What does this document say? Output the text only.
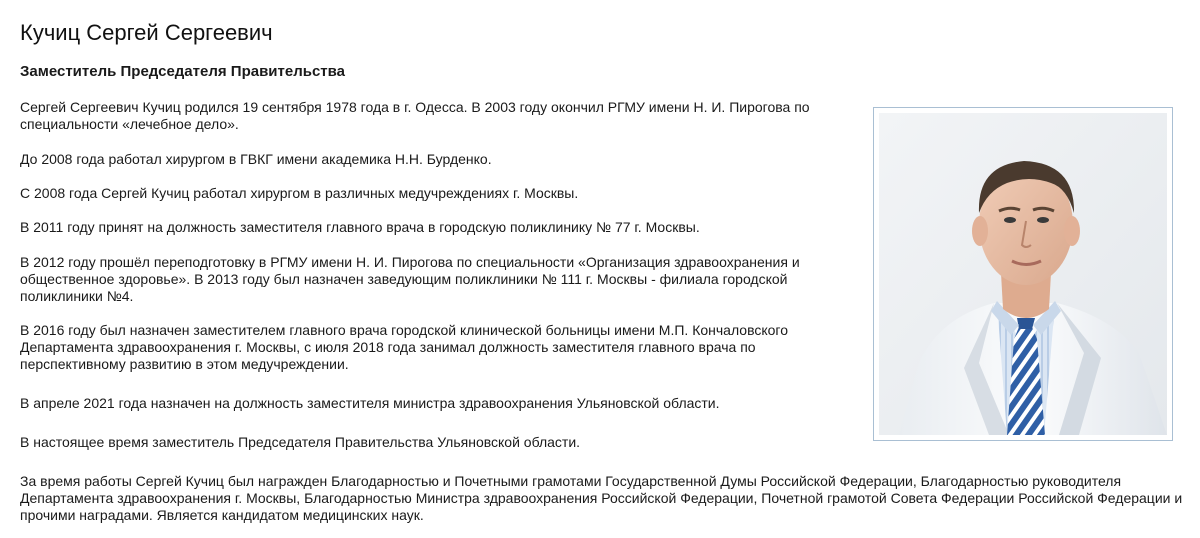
Кучиц Сергей Сергеевич
Заместитель Председателя Правительства

Сергей Сергеевич Кучиц родился 19 сентября 1978 года в г. Одесса. В 2003 году окончил РГМУ имени Н. И. Пирогова по специальности «лечебное дело».

До 2008 года работал хирургом в ГВКГ имени академика Н.Н. Бурденко.

С 2008 года Сергей Кучиц работал хирургом в различных медучреждениях г. Москвы.

В 2011 году принят на должность заместителя главного врача в городскую поликлинику № 77 г. Москвы.

В 2012 году прошёл переподготовку в РГМУ имени Н. И. Пирогова по специальности «Организация здравоохранения и общественное здоровье». В 2013 году был назначен заведующим поликлиники № 111 г. Москвы - филиала городской поликлиники №4.

В 2016 году был назначен заместителем главного врача городской клинической больницы имени М.П. Кончаловского Департамента здравоохранения г. Москвы, с июля 2018 года занимал должность заместителя главного врача по перспективному развитию в этом медучреждении.

В апреле 2021 года назначен на должность заместителя министра здравоохранения Ульяновской области.

В настоящее время заместитель Председателя Правительства Ульяновской области.

За время работы Сергей Кучиц был награжден Благодарностью и Почетными грамотами Государственной Думы Российской Федерации, Благодарностью руководителя Департамента здравоохранения г. Москвы, Благодарностью Министра здравоохранения Российской Федерации, Почетной грамотой Совета Федерации Российской Федерации и прочими наградами. Является кандидатом медицинских наук.
